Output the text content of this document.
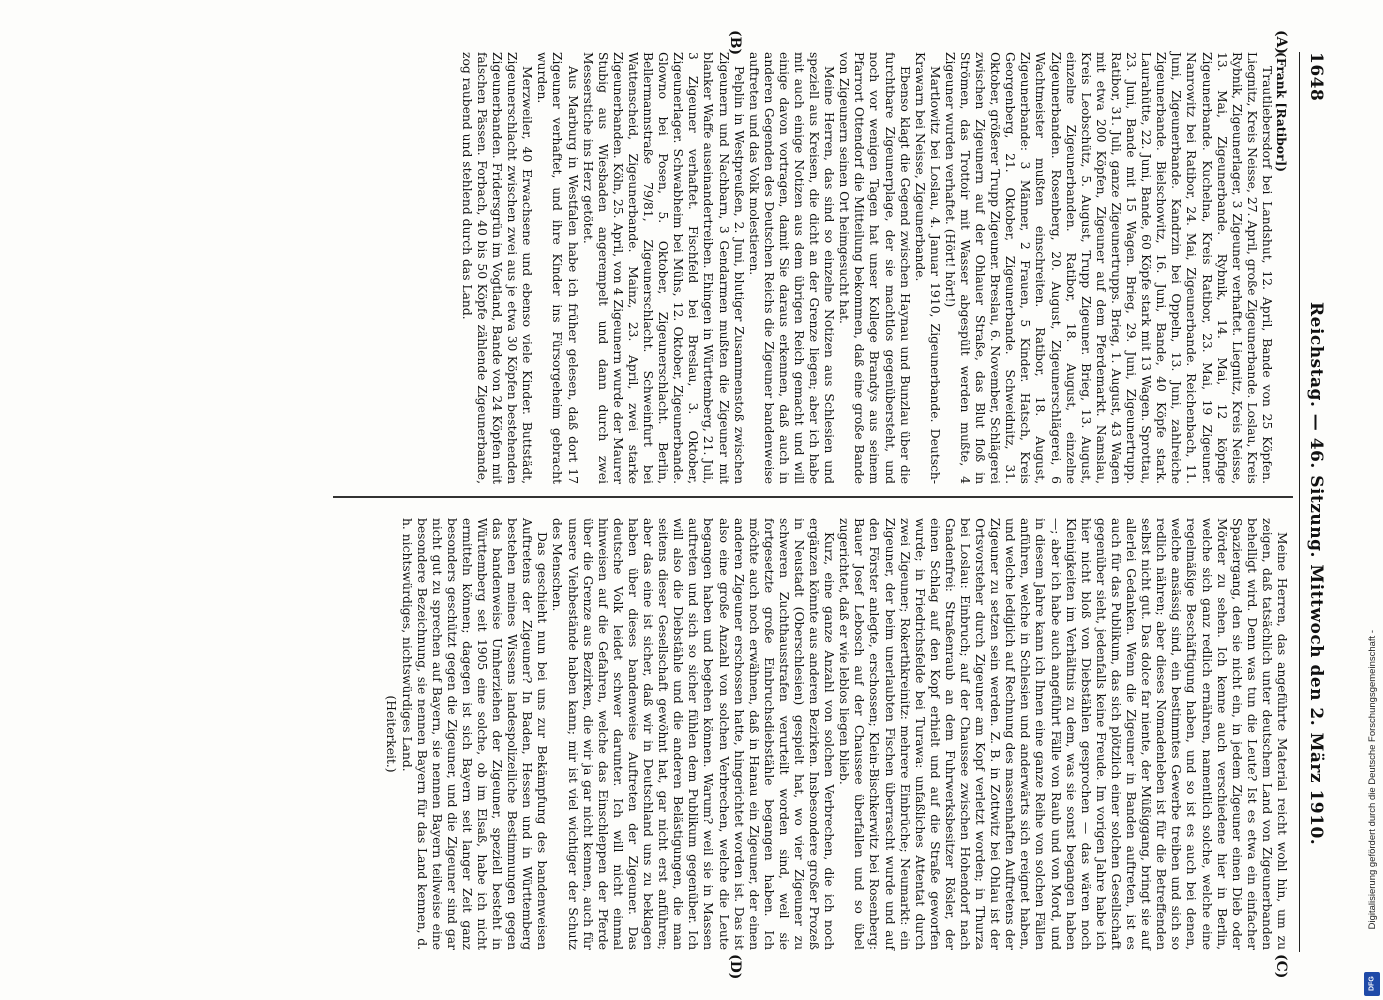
1648
Reichstag. — 46. Sitzung. Mittwoch den 2. März 1910.
(A)
(B)
(C)
(D)

(Frank [Ratibor])

Trautliebersdorf bei Landshut, 12. April, Bande von 25 Köpfen. Liegnitz, Kreis Neisse, 27. April, große Zigeunerbande. Loslau, Kreis Rybnik, Zigeunerlager, 3 Zigeuner verhaftet. Liegnitz, Kreis Neisse, 13. Mai, Zigeunerbande. Rybnik, 14. Mai, 12 köpfige Zigeunerbande. Kuchelna, Kreis Ratibor, 23. Mai, 19 Zigeuner. Nanrowitz bei Ratibor, 24. Mai, Zigeunerbande. Reichenbach, 11. Juni, Zigeunerbande. Kandrzin bei Oppeln, 13. Juni, zahlreiche Zigeunerbande. Bielschowitz, 16. Juni, Bande, 40 Köpfe stark. Laurahütte, 22. Juni, Bande, 60 Köpfe stark mit 13 Wagen. Sprottau, 23. Juni, Bande mit 15 Wagen. Brieg, 29. Juni, Zigeunertrupp. Ratibor, 31. Juli, ganze Zigeunertrupps. Brieg, 1. August, 43 Wagen mit etwa 200 Köpfen, Zigeuner auf dem Pferdemarkt. Namslau, Kreis Leobschütz, 5. August, Trupp Zigeuner. Brieg, 13. August, einzelne Zigeunerbanden. Ratibor, 18. August, einzelne Zigeunerbanden. Rosenberg, 20. August, Zigeunerschlägerei, 6 Wachtmeister mußten einschreiten. Ratibor, 18. August, Zigeunerbande: 3 Männer, 2 Frauen, 5 Kinder. Hatsch, Kreis Georgenberg, 21. Oktober, Zigeunerbande. Schweidnitz, 31. Oktober, größerer Trupp Zigeuner. Breslau, 6. November, Schlägerei zwischen Zigeunern auf der Ohlauer Straße, das Blut floß in Strömen, das Trottoir mit Wasser abgespült werden mußte, 4 Zigeuner wurden verhaftet. (Hört! hört!)

Martlowitz bei Loslau, 4. Januar 1910, Zigeunerbande. Deutsch-Krawarn bei Neisse, Zigeunerbande.

Ebenso klagt die Gegend zwischen Haynau und Bunzlau über die furchtbare Zigeunerplage, der sie machtlos gegenübersteht, und noch vor wenigen Tagen hat unser Kollege Brandys aus seinem Pfarrort Ottendorf die Mitteilung bekommen, daß eine große Bande von Zigeunern seinen Ort heimgesucht hat.

Meine Herren, das sind so einzelne Notizen aus Schlesien und speziell aus Kreisen, die dicht an der Grenze liegen; aber ich habe mit auch einige Notizen aus dem übrigen Reich gemacht und will einige davon vortragen, damit Sie daraus erkennen, daß auch in anderen Gegenden des Deutschen Reichs die Zigeuner bandenweise auftreten und das Volk molestieren.

Pelplin in Westpreußen, 2. Juni, blutiger Zusammenstoß zwischen Zigeunern und Nachbarn, 3 Gendarmen mußten die Zigeuner mit blanker Waffe auseinandertreiben. Ehingen in Württemberg, 21. Juli, 3 Zigeuner verhaftet. Fischfeld bei Breslau, 3. Oktober, Zigeunerlager. Schwabheim bei Mühs, 12. Oktober, Zigeunerbande. Glowno bei Posen, 5. Oktober, Zigeunerschlacht. Berlin, Bellermannstraße 79/81, Zigeunerschlacht. Schweinfurt bei Wattenscheid, Zigeunerbande. Mainz, 23. April, zwei starke Zigeunerbanden. Köln, 25. April, von 4 Zigeunern wurde der Maurer Stubig aus Wiesbaden angerempelt und dann durch zwei Messerstiche ins Herz getötet.

Aus Marburg in Westfalen habe ich früher gelesen, daß dort 17 Zigeuner verhaftet, und ihre Kinder ins Fürsorgeheim gebracht wurden.

Merzweiler, 40 Erwachsene und ebenso viele Kinder. Buttstädt, Zigeunerschlacht zwischen zwei aus je etwa 30 Köpfen bestehenden Zigeunerbanden. Fridersgrün im Vogtland, Bande von 24 Köpfen mit falschen Pässen. Forbach, 40 bis 50 Köpfe zählende Zigeunerbande, zog raubend und stehlend durch das Land.

Meine Herren, das angeführte Material reicht wohl hin, um zu zeigen, daß tatsächlich unter deutschem Land von Zigeunerbanden behelligt wird. Denn was tun die Leute? Ist es etwa ein einfacher Spaziergang, den sie nicht ein, in jedem Zigeuner einen Dieb oder Mörder zu sehen. Ich kenne auch verschiedene hier in Berlin, welche sich ganz redlich ernähren, namentlich solche, welche eine regelmäßige Beschäftigung haben, und so ist es auch bei denen, welche ansässig sind, ein bestimmtes Gewerbe treiben und sich so redlich nähren; aber dieses Nomadenleben ist für die Betreffenden selbst nicht gut. Das dolce far niente, der Müßiggang, bringt sie auf allerlei Gedanken. Wenn die Zigeuner in Banden auftreten, ist es auch für das Publikum, das sich plötzlich einer solchen Gesellschaft gegenüber sieht, jedenfalls keine Freude. Im vorigen Jahre habe ich hier nicht bloß von Diebstählen gesprochen — das wären noch Kleinigkeiten im Verhältnis zu dem, was sie sonst begangen haben —; aber ich habe auch angeführt Fälle von Raub und von Mord, und in diesem Jahre kann ich Ihnen eine ganze Reihe von solchen Fällen anführen, welche in Schlesien und anderwärts sich ereignet haben, und welche lediglich auf Rechnung des massenhaften Auftretens der Zigeuner zu setzen sein werden. Z. B. in Zottwitz bei Ohlau ist der Ortsvorsteher durch Zigeuner am Kopf verletzt worden; in Thurza bei Loslau: Einbruch; auf der Chaussee zwischen Hohendorf nach Gnadenfrei: Straßenraub an dem Fuhrwerksbesitzer Rösler, der einen Schlag auf den Kopf erhielt und auf die Straße geworfen wurde; in Friedrichsfelde bei Turawa: unfaßliches Attentat durch zwei Zigeuner; Rokerthkreinitz: mehrere Einbrüche; Neumarkt: ein Zigeuner, der beim unerlaubten Fischen überrascht wurde und auf den Förster anlegte, erschossen; Klein-Bischkerwitz bei Rosenberg: Bauer Josef Lebosch auf der Chaussee überfallen und so übel zugerichtet, daß er wie leblos liegen blieb.

Kurz, eine ganze Anzahl von solchen Verbrechen, die ich noch ergänzen könnte aus anderen Bezirken. Insbesondere großer Prozeß in Neustadt (Oberschlesien) gespielt hat, wo vier Zigeuner zu schweren Zuchthausstrafen verurteilt worden sind, weil sie fortgesetzte große Einbruchsdiebstähle begangen haben. Ich möchte auch noch erwähnen, daß in Hanau ein Zigeuner, der einen anderen Zigeuner erschossen hatte, hingerichtet worden ist. Das ist also eine große Anzahl von solchen Verbrechen, welche die Leute begangen haben und begehen können. Warum? weil sie in Massen auftreten und sich so sicher fühlen dem Publikum gegenüber. Ich will also die Diebstähle und die anderen Belästigungen, die man seitens dieser Gesellschaft gewöhnt hat, gar nicht erst anführen; aber das eine ist sicher, daß wir in Deutschland uns zu beklagen haben über dieses bandenweise Auftreten der Zigeuner. Das deutsche Volk leidet schwer darunter. Ich will nicht einmal hinweisen auf die Gefahren, welche das Einschleppen der Pferde über die Grenze aus Bezirken, die wir ja gar nicht kennen, auch für unsere Viehbestände haben kann; mir ist viel wichtiger der Schutz des Menschen.

Das geschieht nun bei uns zur Bekämpfung des bandenweisen Auftretens der Zigeuner? In Baden, Hessen und in Württemberg bestehen meines Wissens landespolizeiliche Bestimmungen gegen das bandenweise Umherziehen der Zigeuner, speziell besteht in Württemberg seit 1905 eine solche, ob im Elsaß, habe ich nicht ermitteln können; dagegen ist sich Bayern seit langer Zeit ganz besonders geschützt gegen die Zigeuner, und die Zigeuner sind gar nicht gut zu sprechen auf Bayern, sie nennen Bayern teilweise eine besondere Bezeichnung, sie nennen Bayern für das Land kennen, d. h. nichtswürdiges, nichtswürdiges Land.

(Heiterkeit.)	Digitalisierung gefördert durch die Deutsche Forschungsgemeinschaft -
DFG
